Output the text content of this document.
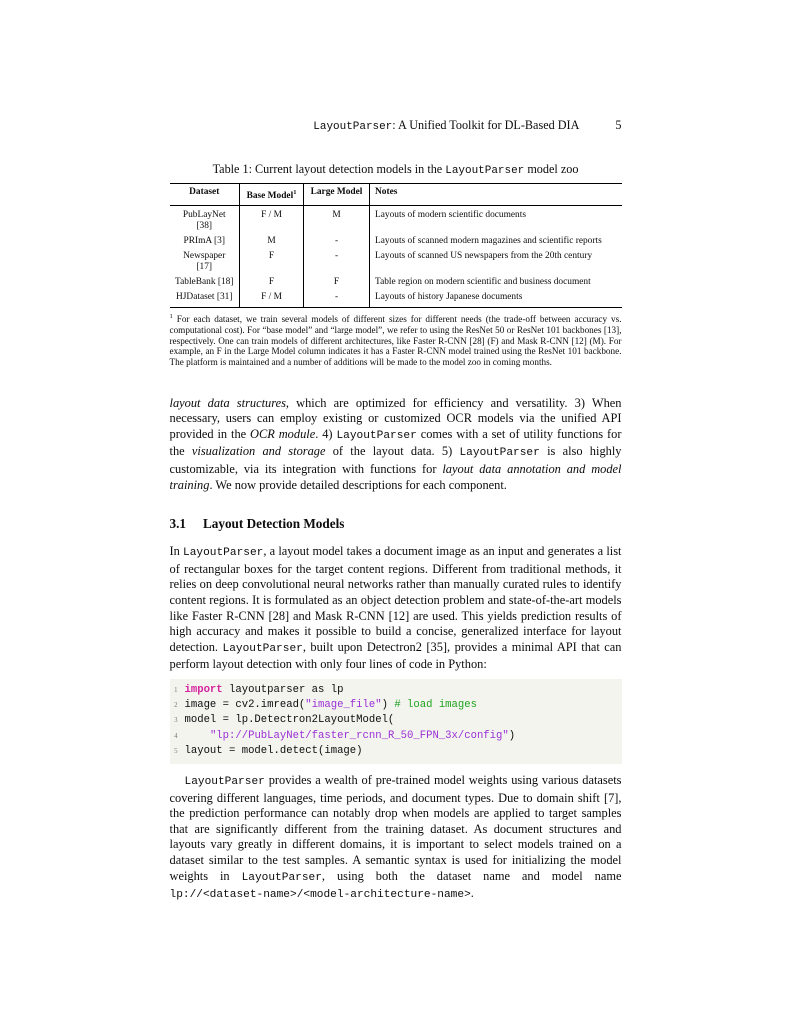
LayoutParser: A Unified Toolkit for DL-Based DIA	5
Table 1: Current layout detection models in the LayoutParser model zoo
Dataset	Base Model$^1$	Large Model	Notes
PubLayNet [38]	F / M	M	Layouts of modern scientific documents
PRImA [3]	M	-	Layouts of scanned modern magazines and scientific reports
Newspaper [17]	F	-	Layouts of scanned US newspapers from the 20th century
TableBank [18]	F	F	Table region on modern scientific and business document
HJDataset [31]	F / M	-	Layouts of history Japanese documents
$^1$ For each dataset, we train several models of different sizes for different needs (the trade-off between accuracy vs. computational cost). For “base model” and “large model”, we refer to using the ResNet 50 or ResNet 101 backbones [13], respectively. One can train models of different architectures, like Faster R-CNN [28] (F) and Mask R-CNN [12] (M). For example, an F in the Large Model column indicates it has a Faster R-CNN model trained using the ResNet 101 backbone. The platform is maintained and a number of additions will be made to the model zoo in coming months.

layout data structures, which are optimized for efficiency and versatility. 3) When necessary, users can employ existing or customized OCR models via the unified API provided in the OCR module. 4) LayoutParser comes with a set of utility functions for the visualization and storage of the layout data. 5) LayoutParser is also highly customizable, via its integration with functions for layout data annotation and model training. We now provide detailed descriptions for each component.

3.1 Layout Detection Models

In LayoutParser, a layout model takes a document image as an input and generates a list of rectangular boxes for the target content regions. Different from traditional methods, it relies on deep convolutional neural networks rather than manually curated rules to identify content regions. It is formulated as an object detection problem and state-of-the-art models like Faster R-CNN [28] and Mask R-CNN [12] are used. This yields prediction results of high accuracy and makes it possible to build a concise, generalized interface for layout detection. LayoutParser, built upon Detectron2 [35], provides a minimal API that can perform layout detection with only four lines of code in Python:

1 import layoutparser as lp
2 image = cv2.imread( "image_file" ) # load images
3 model = lp.Detectron2LayoutModel(
4
	"lp://PubLayNet/faster_rcnn_R_50_FPN_3x/config" )
5 layout = model.detect(image)

LayoutParser provides a wealth of pre-trained model weights using various datasets covering different languages, time periods, and document types. Due to domain shift [7], the prediction performance can notably drop when models are applied to target samples that are significantly different from the training dataset. As document structures and layouts vary greatly in different domains, it is important to select models trained on a dataset similar to the test samples. A semantic syntax is used for initializing the model weights in LayoutParser, using both the dataset name and model name lp://<dataset-name>/<model-architecture-name>.
